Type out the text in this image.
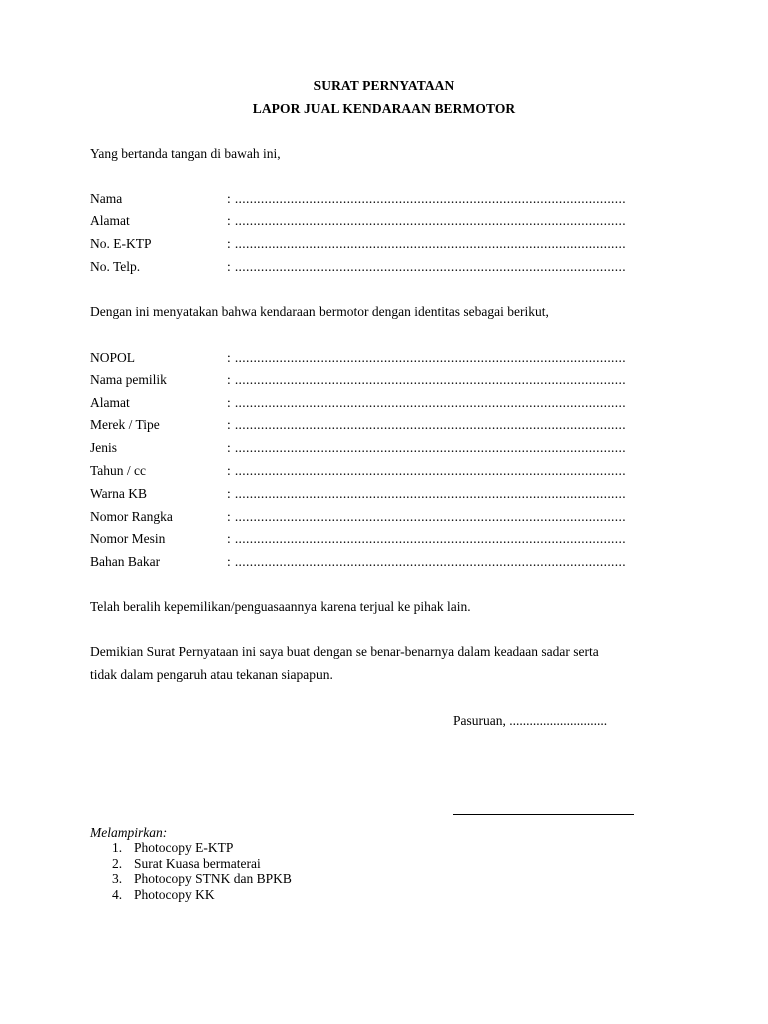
SURAT PERNYATAAN
LAPOR JUAL KENDARAAN BERMOTOR
Yang bertanda tangan di bawah ini,
Nama	: .........................................................................................................
Alamat	: .........................................................................................................
No. E-KTP	: .........................................................................................................
No. Telp.	: .........................................................................................................
Dengan ini menyatakan bahwa kendaraan bermotor dengan identitas sebagai berikut,
NOPOL	: .........................................................................................................
Nama pemilik	: .........................................................................................................
Alamat	: .........................................................................................................
Merek / Tipe	: .........................................................................................................
Jenis	: .........................................................................................................
Tahun / cc	: .........................................................................................................
Warna KB	: .........................................................................................................
Nomor Rangka	: .........................................................................................................
Nomor Mesin	: .........................................................................................................
Bahan Bakar	: .........................................................................................................
Telah beralih kepemilikan/penguasaannya karena terjual ke pihak lain.
Demikian Surat Pernyataan ini saya buat dengan se benar-benarnya dalam keadaan sadar serta
tidak dalam pengaruh atau tekanan siapapun.
Pasuruan, .............................
Melampirkan:
1. Photocopy E-KTP
2. Surat Kuasa bermaterai
3. Photocopy STNK dan BPKB
4. Photocopy KK
